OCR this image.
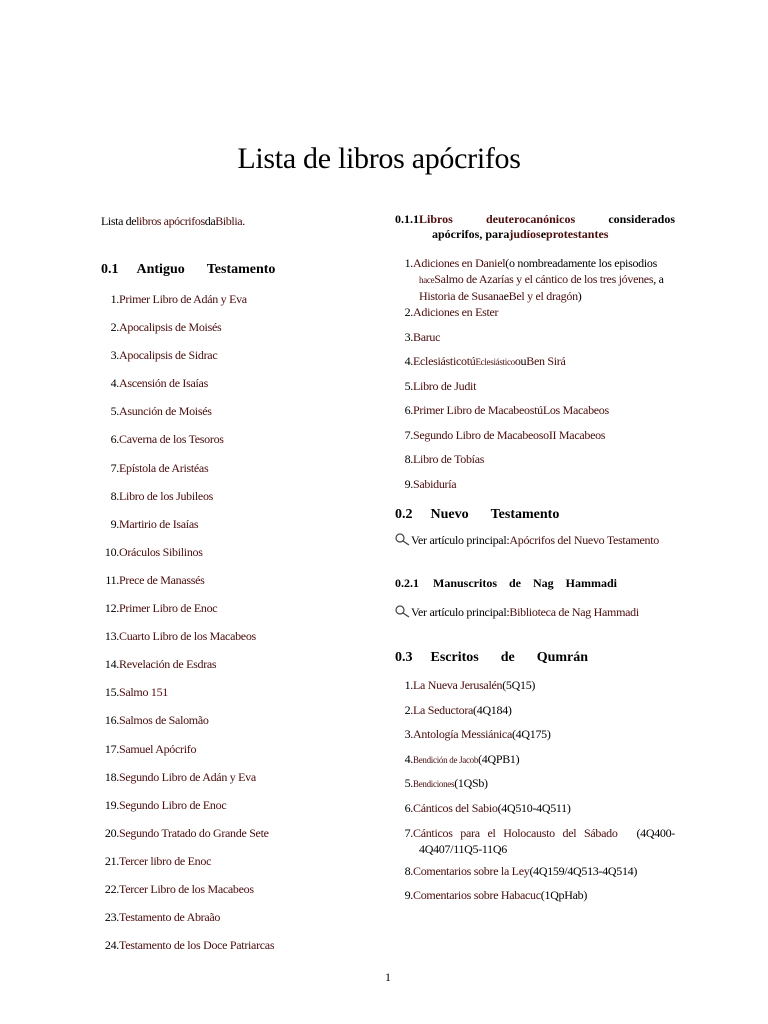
Lista de libros apócrifos

Lista delibros apócrifosdaBiblia.

0.1 Antiguo Testamento
1.Primer Libro de Adán y Eva
2.Apocalipsis de Moisés
3.Apocalipsis de Sidrac
4.Ascensión de Isaías
5.Asunción de Moisés
6.Caverna de los Tesoros
7.Epístola de Aristéas
8.Libro de los Jubileos
9.Martirio de Isaías
10.Oráculos Sibilinos
11.Prece de Manassés
12.Primer Libro de Enoc
13.Cuarto Libro de los Macabeos
14.Revelación de Esdras
15.Salmo 151
16.Salmos de Salomão
17.Samuel Apócrifo
18.Segundo Libro de Adán y Eva
19.Segundo Libro de Enoc
20.Segundo Tratado do Grande Sete
21.Tercer libro de Enoc
22.Tercer Libro de los Macabeos
23.Testamento de Abraão
24.Testamento de los Doce Patriarcas
0.1.1Libros	deuterocanónicos	considerados
apócrifos, parajudíoseprotestantes
1.Adiciones en Daniel(o nombreadamente los episodios
haceSalmo de Azarías y el cántico de los tres jóvenes, a
Historia de SusanaeBel y el dragón)
2.Adiciones en Ester
3.Baruc
4.EclesiásticotúEclesiásticoouBen Sirá
5.Libro de Judit
6.Primer Libro de MacabeostúLos Macabeos
7.Segundo Libro de MacabeosoII Macabeos
8.Libro de Tobías
9.Sabiduría
0.2 Nuevo Testamento
Ver artículo principal:Apócrifos del Nuevo Testamento
0.2.1 Manuscritos de Nag Hammadi
Ver artículo principal:Biblioteca de Nag Hammadi
0.3 Escritos de Qumrán
1.La Nueva Jerusalén(5Q15)
2.La Seductora(4Q184)
3.Antología Messiánica(4Q175)
4.Bendición de Jacob(4QPB1)
5.Bendiciones(1QSb)
6.Cánticos del Sabio(4Q510-4Q511)
7. Cánticos para el Holocausto del Sábado (4Q400-
4Q407/11Q5-11Q6
8.Comentarios sobre la Ley(4Q159/4Q513-4Q514)
9.Comentarios sobre Habacuc(1QpHab)
1
